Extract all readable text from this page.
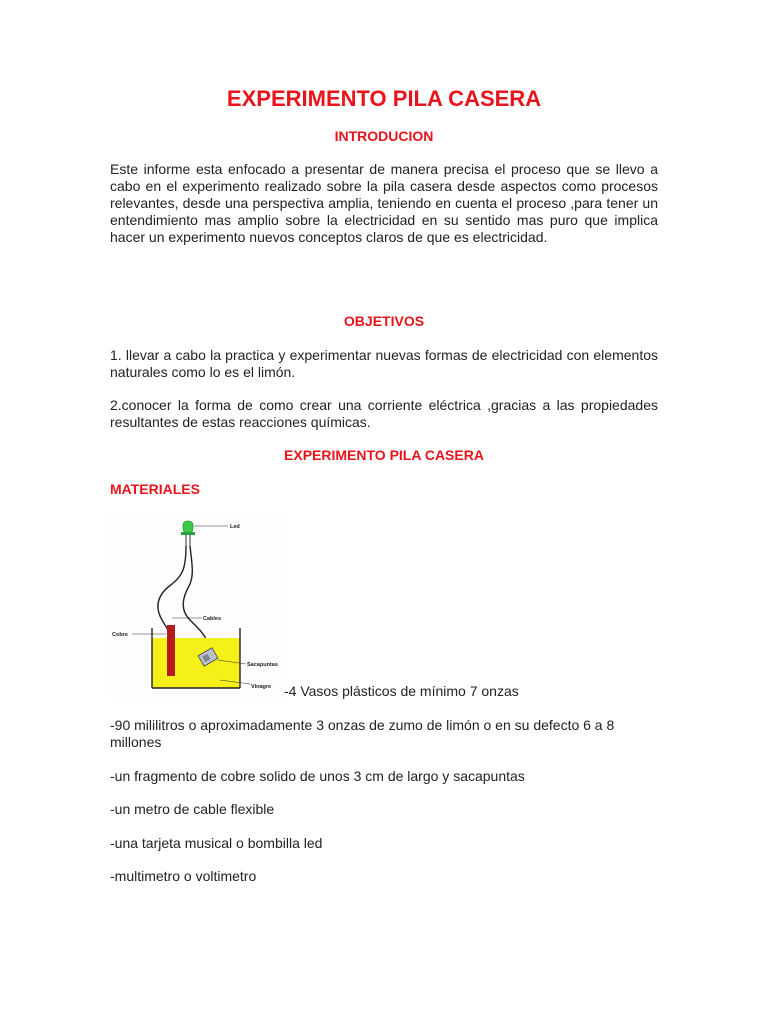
EXPERIMENTO PILA CASERA
INTRODUCION

Este informe esta enfocado a presentar de manera precisa el proceso que se llevo a cabo en el experimento realizado sobre la pila casera desde aspectos como procesos relevantes, desde una perspectiva amplia, teniendo en cuenta el proceso ,para tener un entendimiento mas amplio sobre la electricidad en su sentido mas puro que implica hacer un experimento nuevos conceptos claros de que es electricidad.

OBJETIVOS

1. llevar a cabo la practica y experimentar nuevas formas de electricidad con elementos naturales como lo es el limón.

2.conocer la forma de como crear una corriente eléctrica ,gracias a las propiedades resultantes de estas reacciones químicas.

EXPERIMENTO PILA CASERA
MATERIALES
Led
Cables
Cobre
Sacapuntas
Vinagre -4 Vasos plásticos de mínimo 7 onzas
-90 mililitros o aproximadamente 3 onzas de zumo de limón o en su defecto 6 a 8 millones
-un fragmento de cobre solido de unos 3 cm de largo y sacapuntas
-un metro de cable flexible
-una tarjeta musical o bombilla led
-multimetro o voltimetro
